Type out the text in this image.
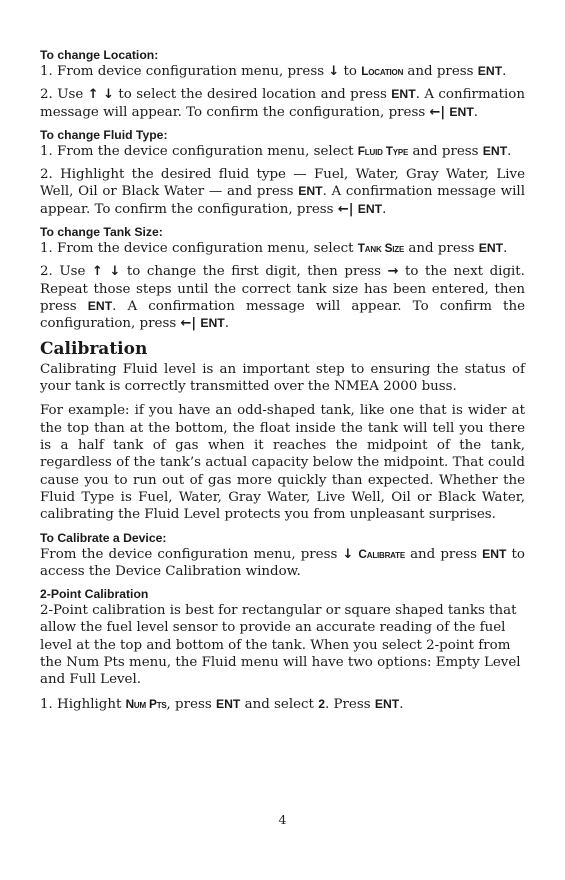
To change Location:

1. From device configuration menu, press ↓ to Location and press ENT.

2. Use ↑ ↓ to select the desired location and press ENT. A confirmation message will appear. To confirm the configuration, press ←| ENT.

To change Fluid Type:

1. From the device configuration menu, select Fluid Type and press ENT.

2. Highlight the desired fluid type — Fuel, Water, Gray Water, Live Well, Oil or Black Water — and press ENT. A confirmation message will appear. To confirm the configuration, press ←| ENT.

To change Tank Size:

1. From the device configuration menu, select Tank Size and press ENT.

2. Use ↑ ↓ to change the first digit, then press → to the next digit. Repeat those steps until the correct tank size has been entered, then press ENT. A confirmation message will appear. To confirm the configuration, press ←| ENT.

Calibration

Calibrating Fluid level is an important step to ensuring the status of your tank is correctly transmitted over the NMEA 2000 buss.

For example: if you have an odd-shaped tank, like one that is wider at the top than at the bottom, the float inside the tank will tell you there is a half tank of gas when it reaches the midpoint of the tank, regardless of the tank’s actual capacity below the midpoint. That could cause you to run out of gas more quickly than expected. Whether the Fluid Type is Fuel, Water, Gray Water, Live Well, Oil or Black Water, calibrating the Fluid Level protects you from unpleasant surprises.

To Calibrate a Device:

From the device configuration menu, press ↓ Calibrate and press ENT to access the Device Calibration window.

2-Point Calibration

2-Point calibration is best for rectangular or square shaped tanks that allow the fuel level sensor to provide an accurate reading of the fuel level at the top and bottom of the tank. When you select 2-point from the Num Pts menu, the Fluid menu will have two options: Empty Level and Full Level.

1. Highlight Num Pts, press ENT and select 2. Press ENT.

4
